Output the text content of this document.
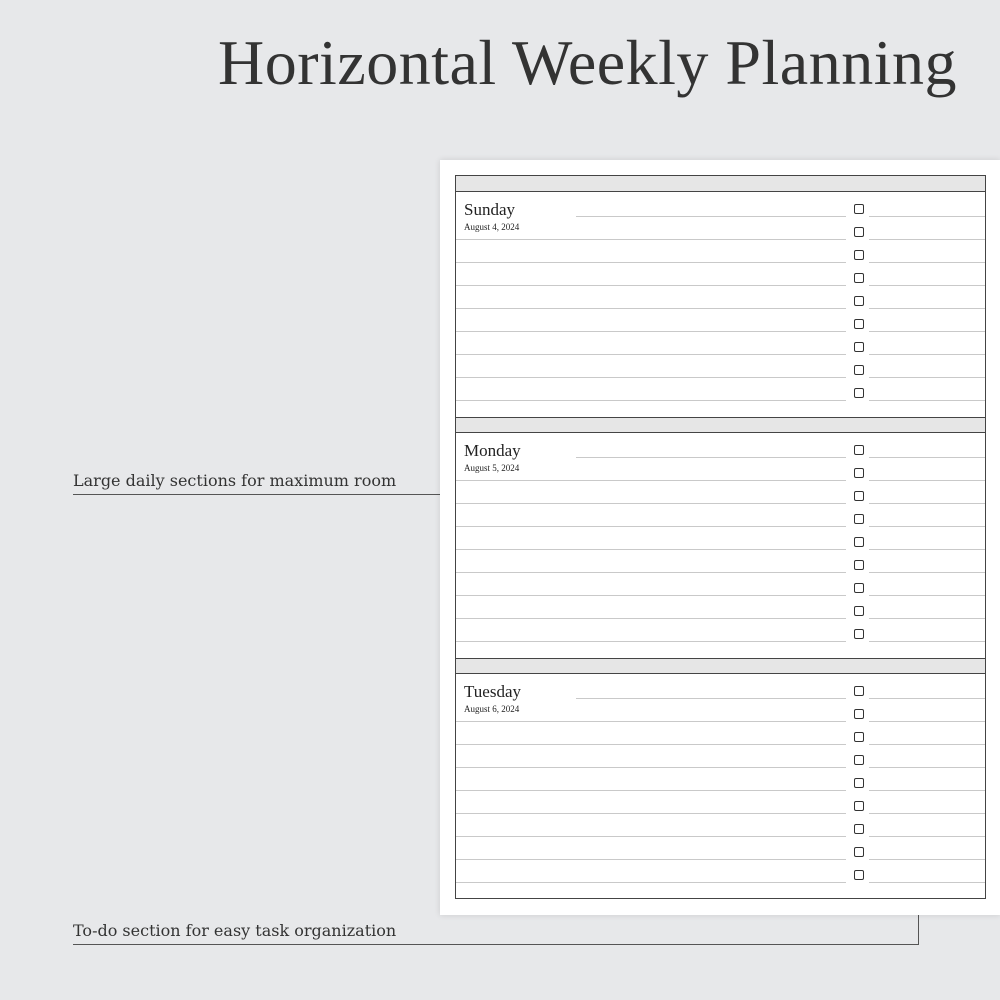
Horizontal Weekly Planning
Large daily sections for maximum room
To-do section for easy task organization
Sunday
August 4, 2024
Monday
August 5, 2024
Tuesday
August 6, 2024
